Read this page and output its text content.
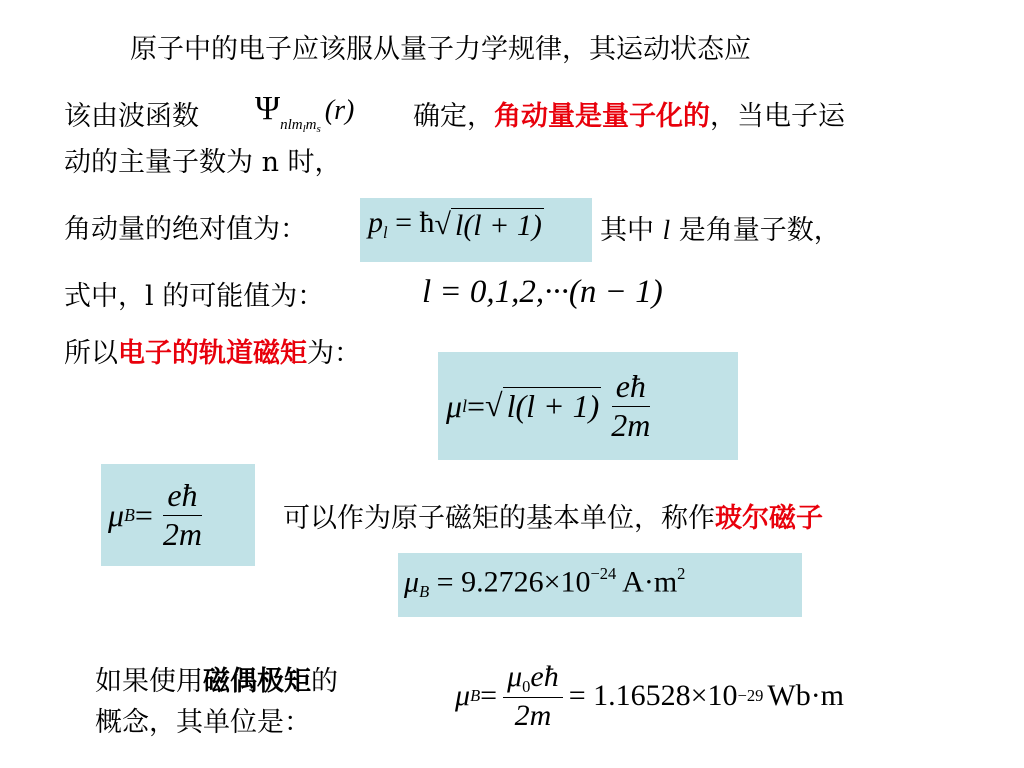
原子中的电子应该服从量子力学规律，其运动状态应
该由波函数 $\Psi_{nlm_lm_s}(r)$ 确定，角动量是量子化的，当电子运
动的主量子数为 n 时，
角动量的绝对值为： $p_l$ = ħ √ l(l + 1) 其中 l 是角量子数，
式中，l 的可能值为：	l = 0,1,2,···(n − 1)
所以电子的轨道磁矩为：
μ l = √ $l(l + 1) \frac{eħ}{2m}$
μ $B = \frac{eħ}{2m}$	可以作为原子磁矩的基本单位，称作玻尔磁子
$\mu_B = 9.2726\times 10^{-24}$ $A\cdot m^2$
如果使用磁偶极矩的
概念，其单位是：
μ $B = \frac{\mu 0eħ}{2m} = 1.16528\times 10 -29$ Wb·m
